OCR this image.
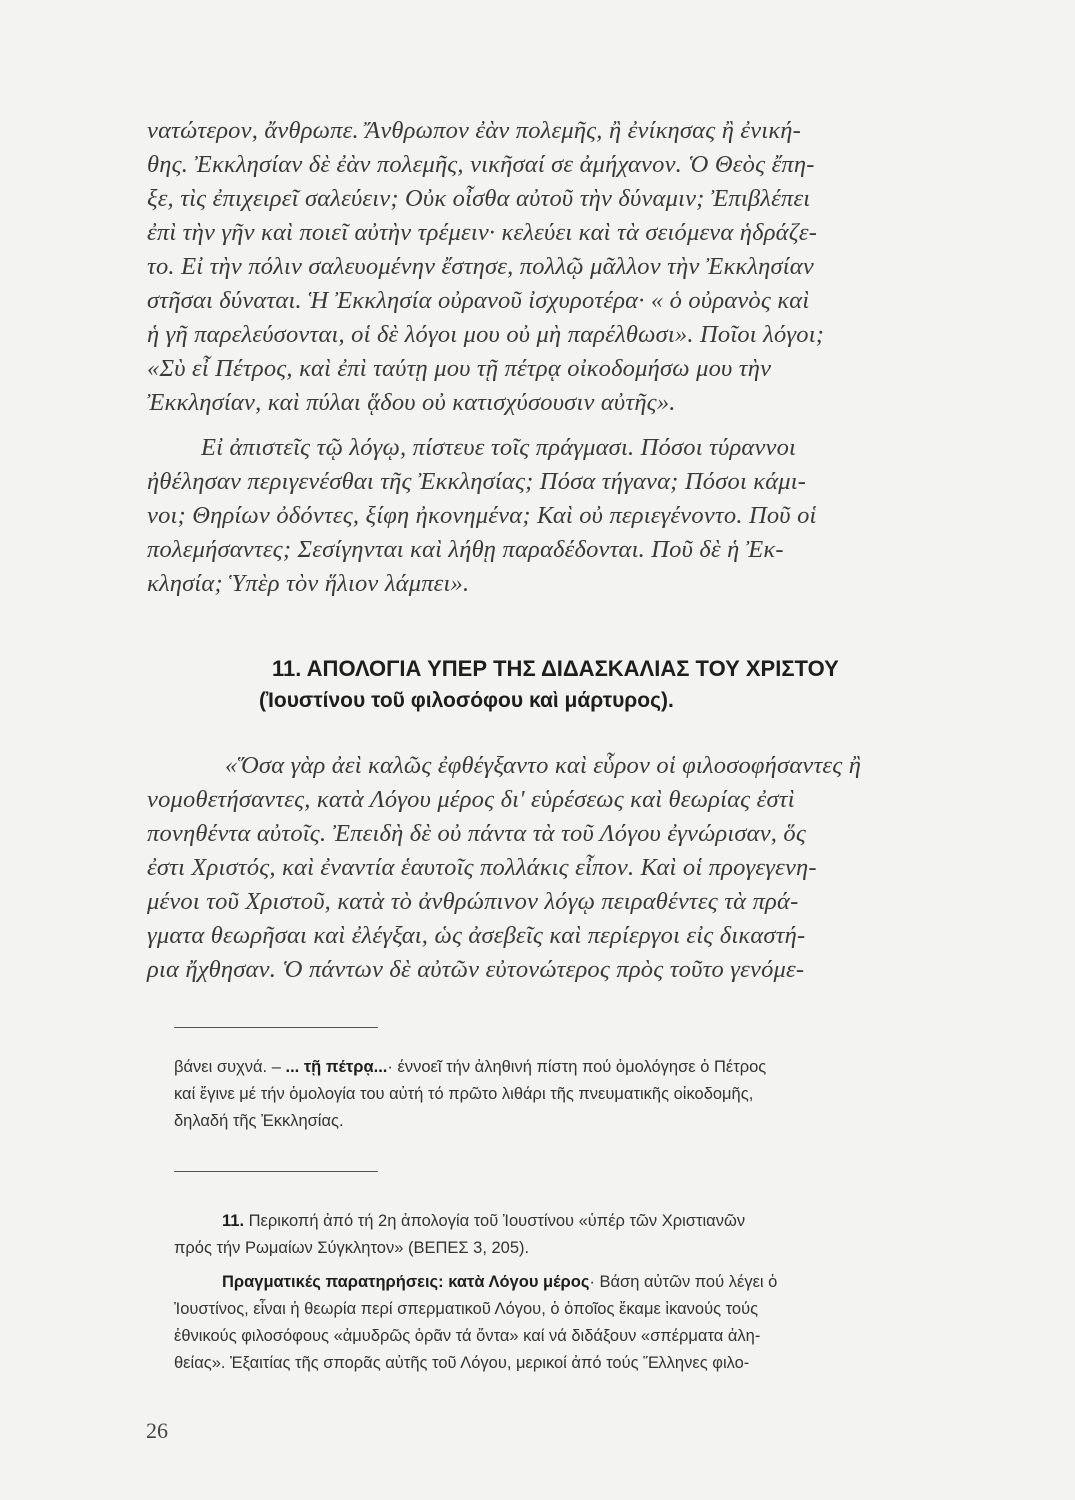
νατώτερον, ἄνθρωπε. Ἄνθρωπον ἐὰν πολεμῆς, ἢ ἐνίκησας ἢ ἐνική-
θης. Ἐκκλησίαν δὲ ἐὰν πολεμῆς, νικῆσαί σε ἀμήχανον. Ὁ Θεὸς ἔπη-
ξε, τὶς ἐπιχειρεῖ σαλεύειν; Οὐκ οἶσθα αὐτοῦ τὴν δύναμιν; Ἐπιβλέπει
ἐπὶ τὴν γῆν καὶ ποιεῖ αὐτὴν τρέμειν· κελεύει καὶ τὰ σειόμενα ἡδράζε-
το. Εἰ τὴν πόλιν σαλευομένην ἔστησε, πολλῷ μᾶλλον τὴν Ἐκκλησίαν
στῆσαι δύναται. Ἡ Ἐκκλησία οὐρανοῦ ἰσχυροτέρα· « ὁ οὐρανὸς καὶ
ἡ γῆ παρελεύσονται, οἱ δὲ λόγοι μου οὐ μὴ παρέλθωσι». Ποῖοι λόγοι;
«Σὺ εἶ Πέτρος, καὶ ἐπὶ ταύτῃ μου τῇ πέτρᾳ οἰκοδομήσω μου τὴν
Ἐκκλησίαν, καὶ πύλαι ᾅδου οὐ κατισχύσουσιν αὐτῆς».
Εἰ ἀπιστεῖς τῷ λόγῳ, πίστευε τοῖς πράγμασι. Πόσοι τύραννοι
ἠθέλησαν περιγενέσθαι τῆς Ἐκκλησίας; Πόσα τήγανα; Πόσοι κάμι-
νοι; Θηρίων ὀδόντες, ξίφη ἠκονημένα; Καὶ οὐ περιεγένοντο. Ποῦ οἱ
πολεμήσαντες; Σεσίγηνται καὶ λήθῃ παραδέδονται. Ποῦ δὲ ἡ Ἐκ-
κλησία; Ὑπὲρ τὸν ἥλιον λάμπει».
11. ΑΠΟΛΟΓΙΑ ΥΠΕΡ ΤΗΣ ΔΙΔΑΣΚΑΛΙΑΣ ΤΟΥ ΧΡΙΣΤΟΥ
(Ἰουστίνου τοῦ φιλοσόφου καὶ μάρτυρος).
«Ὅσα γὰρ ἀεὶ καλῶς ἐφθέγξαντο καὶ εὗρον οἱ φιλοσοφήσαντες ἢ
νομοθετήσαντες, κατὰ Λόγου μέρος δι' εὑρέσεως καὶ θεωρίας ἐστὶ
πονηθέντα αὐτοῖς. Ἐπειδὴ δὲ οὐ πάντα τὰ τοῦ Λόγου ἐγνώρισαν, ὅς
ἐστι Χριστός, καὶ ἐναντία ἑαυτοῖς πολλάκις εἶπον. Καὶ οἱ προγεγενη-
μένοι τοῦ Χριστοῦ, κατὰ τὸ ἀνθρώπινον λόγῳ πειραθέντες τὰ πρά-
γματα θεωρῆσαι καὶ ἐλέγξαι, ὡς ἀσεβεῖς καὶ περίεργοι εἰς δικαστή-
ρια ἤχθησαν. Ὁ πάντων δὲ αὐτῶν εὐτονώτερος πρὸς τοῦτο γενόμε-
βάνει συχνά. – ... τῇ πέτρᾳ...· έννοεῖ τήν ἀληθινή πίστη πού ὁμολόγησε ὁ Πέτρος
καί ἔγινε μέ τήν ὁμολογία του αὐτή τό πρῶτο λιθάρι τῆς πνευματικῆς οἰκοδομῆς,
δηλαδή τῆς Ἐκκλησίας.
11. Περικοπή ἀπό τή 2η ἀπολογία τοῦ Ἰουστίνου «ὑπέρ τῶν Χριστιανῶν
πρός τήν Ρωμαίων Σύγκλητον» (ΒΕΠΕΣ 3, 205).
Πραγματικές παρατηρήσεις: κατὰ Λόγου μέρος· Βάση αὐτῶν πού λέγει ὁ
Ἰουστίνος, εἶναι ἡ θεωρία περί σπερματικοῦ Λόγου, ὁ ὁποῖος ἔκαμε ἱκανούς τούς
ἐθνικούς φιλοσόφους «ἀμυδρῶς ὁρᾶν τά ὄντα» καί νά διδάξουν «σπέρματα ἀλη-
θείας». Ἐξαιτίας τῆς σπορᾶς αὐτῆς τοῦ Λόγου, μερικοί ἀπό τούς Ἕλληνες φιλο-
26
